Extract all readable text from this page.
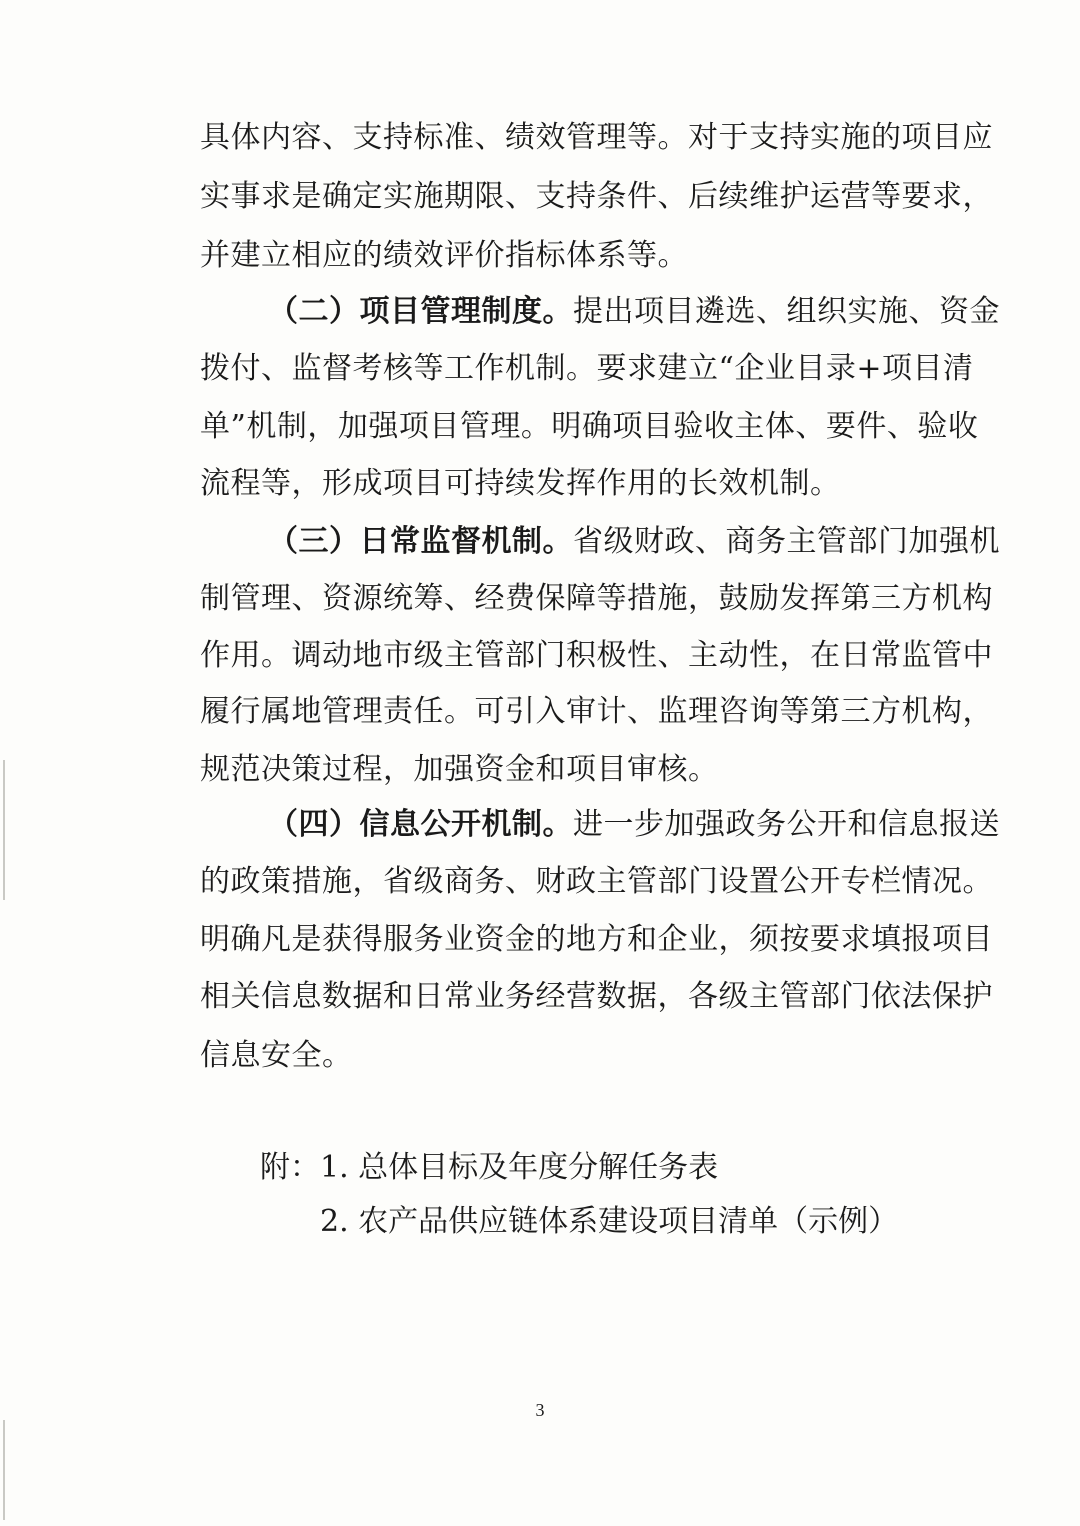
具体内容、支持标准、绩效管理等。对于支持实施的项目应
实事求是确定实施期限、支持条件、后续维护运营等要求，
并建立相应的绩效评价指标体系等。
（二）项目管理制度。提出项目遴选、组织实施、资金
拨付、监督考核等工作机制。要求建立“企业目录+项目清
单”机制，加强项目管理。明确项目验收主体、要件、验收
流程等，形成项目可持续发挥作用的长效机制。
（三）日常监督机制。省级财政、商务主管部门加强机
制管理、资源统筹、经费保障等措施，鼓励发挥第三方机构
作用。调动地市级主管部门积极性、主动性，在日常监管中
履行属地管理责任。可引入审计、监理咨询等第三方机构，
规范决策过程，加强资金和项目审核。
（四）信息公开机制。进一步加强政务公开和信息报送
的政策措施，省级商务、财政主管部门设置公开专栏情况。
明确凡是获得服务业资金的地方和企业，须按要求填报项目
相关信息数据和日常业务经营数据，各级主管部门依法保护
信息安全。
附： 1. 总体目标及年度分解任务表
2. 农产品供应链体系建设项目清单（示例）
3
